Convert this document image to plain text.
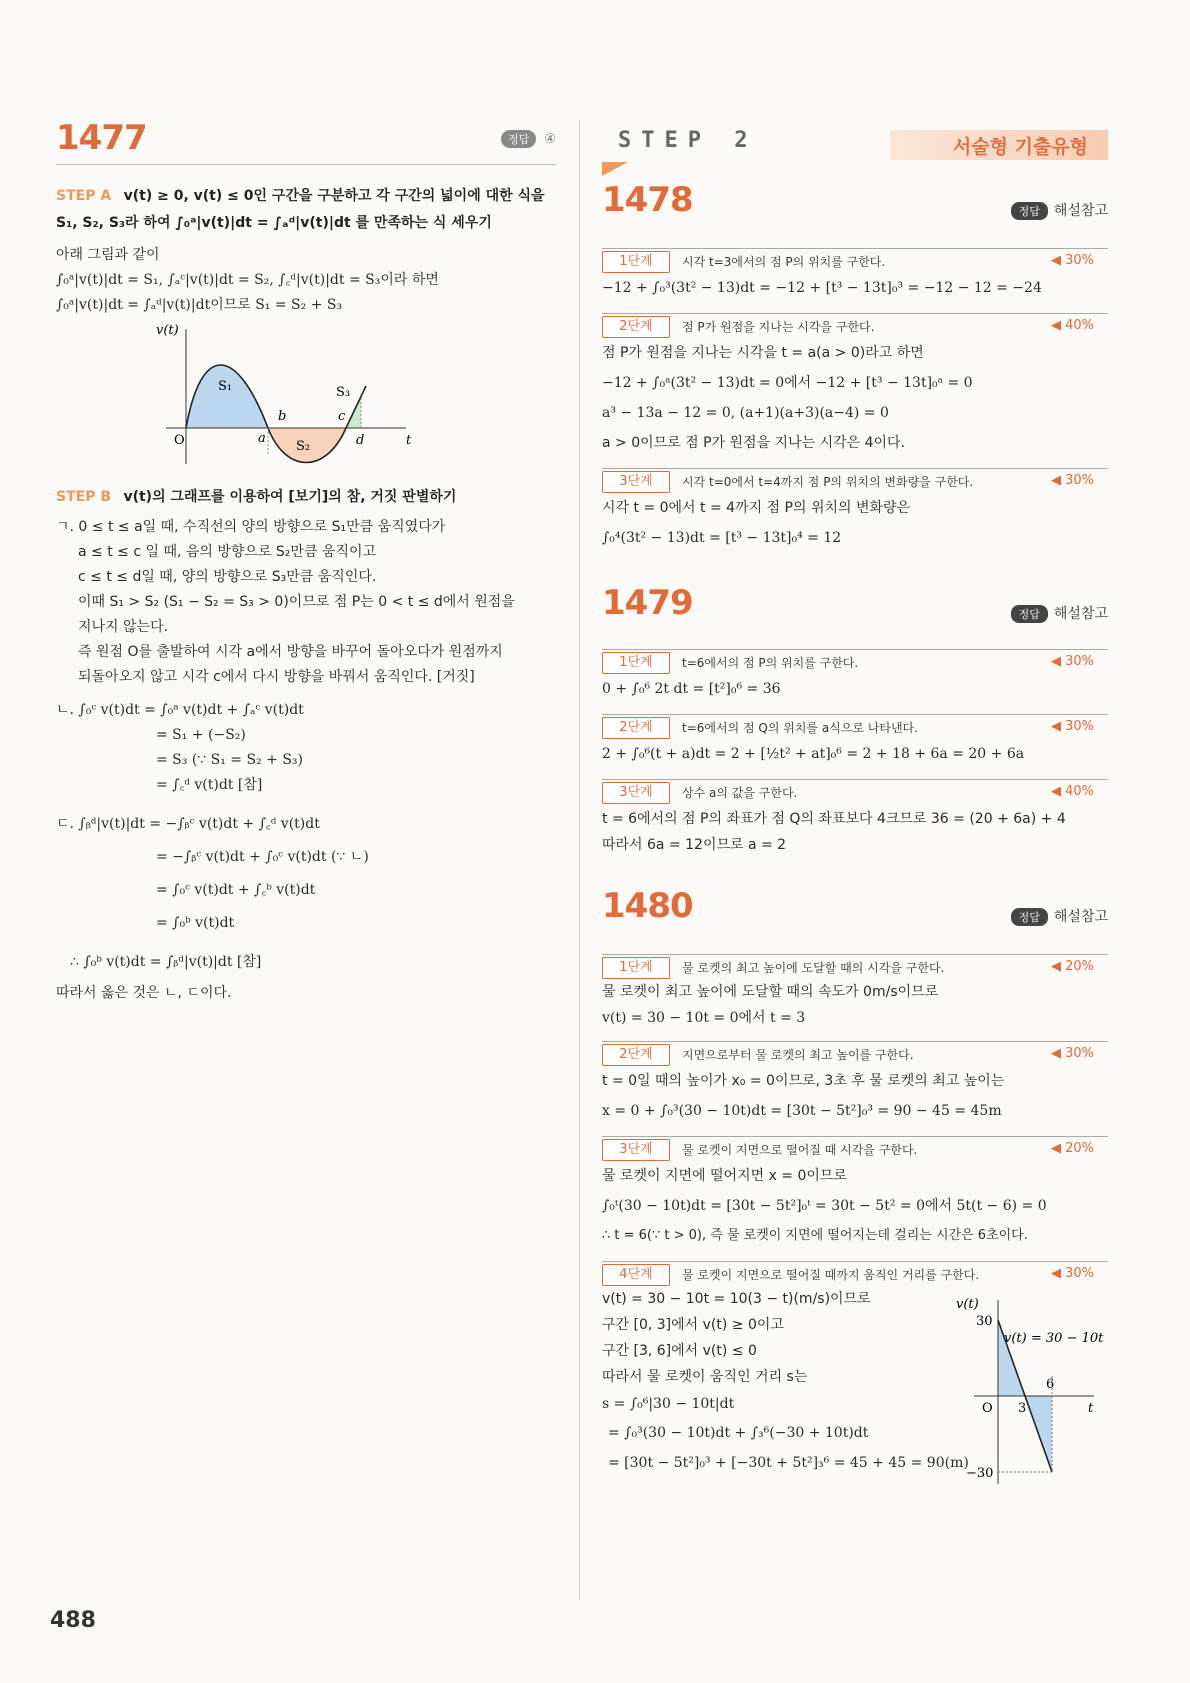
1477	정답 ④
STEP A v(t) ≥ 0, v(t) ≤ 0인 구간을 구분하고 각 구간의 넓이에 대한 식을 S₁, S₂, S₃라 하여 ∫₀ᵃ|v(t)|dt = ∫ₐᵈ|v(t)|dt 를 만족하는 식 세우기
아래 그림과 같이
∫₀ᵃ|v(t)|dt = S₁, ∫ₐᶜ|v(t)|dt = S₂, ∫꜀ᵈ|v(t)|dt = S₃이라 하면
∫₀ᵃ|v(t)|dt = ∫ₐᵈ|v(t)|dt이므로 S₁ = S₂ + S₃
v(t)
t
O	a
b	c
d
S₁
S₂
S₃
STEP B v(t)의 그래프를 이용하여 [보기]의 참, 거짓 판별하기
ㄱ. 0 ≤ t ≤ a일 때, 수직선의 양의 방향으로 S₁만큼 움직였다가
a ≤ t ≤ c 일 때, 음의 방향으로 S₂만큼 움직이고
c ≤ t ≤ d일 때, 양의 방향으로 S₃만큼 움직인다.
이때 S₁ > S₂ (S₁ − S₂ = S₃ > 0)이므로 점 P는 0 < t ≤ d에서 원점을
지나지 않는다.
즉 원점 O를 출발하여 시각 a에서 방향을 바꾸어 돌아오다가 원점까지
되돌아오지 않고 시각 c에서 다시 방향을 바꿔서 움직인다. [거짓]
ㄴ. ∫₀ᶜ v(t)dt = ∫₀ᵃ v(t)dt + ∫ₐᶜ v(t)dt
= S₁ + (−S₂)
= S₃ (∵ S₁ = S₂ + S₃)
= ∫꜀ᵈ v(t)dt [참]
ㄷ. ∫ᵦᵈ|v(t)|dt = −∫ᵦᶜ v(t)dt + ∫꜀ᵈ v(t)dt
= −∫ᵦᶜ v(t)dt + ∫₀ᶜ v(t)dt (∵ ㄴ)
= ∫₀ᶜ v(t)dt + ∫꜀ᵇ v(t)dt
= ∫₀ᵇ v(t)dt
∴ ∫₀ᵇ v(t)dt = ∫ᵦᵈ|v(t)|dt [참]
따라서 옳은 것은 ㄴ, ㄷ이다.
STEP 2	서술형 기출유형
1478	정답 해설참고
1단계	시각 t=3에서의 점 P의 위치를 구한다.	◀ 30%
−12 + ∫₀³(3t² − 13)dt = −12 + [t³ − 13t]₀³ = −12 − 12 = −24
2단계	점 P가 원점을 지나는 시각을 구한다.	◀ 40%
점 P가 원점을 지나는 시각을 t = a(a > 0)라고 하면
−12 + ∫₀ᵃ(3t² − 13)dt = 0에서 −12 + [t³ − 13t]₀ᵃ = 0
a³ − 13a − 12 = 0, (a+1)(a+3)(a−4) = 0
a > 0이므로 점 P가 원점을 지나는 시각은 4이다.
3단계	시각 t=0에서 t=4까지 점 P의 위치의 변화량을 구한다.	◀ 30%
시각 t = 0에서 t = 4까지 점 P의 위치의 변화량은
∫₀⁴(3t² − 13)dt = [t³ − 13t]₀⁴ = 12
1479	정답 해설참고
1단계	t=6에서의 점 P의 위치를 구한다.	◀ 30%
0 + ∫₀⁶ 2t dt = [t²]₀⁶ = 36
2단계	t=6에서의 점 Q의 위치를 a식으로 나타낸다.	◀ 30%
2 + ∫₀⁶(t + a)dt = 2 + [½t² + at]₀⁶ = 2 + 18 + 6a = 20 + 6a
3단계	상수 a의 값을 구한다.	◀ 40%
t = 6에서의 점 P의 좌표가 점 Q의 좌표보다 4크므로 36 = (20 + 6a) + 4
따라서 6a = 12이므로 a = 2
1480	정답 해설참고
1단계	물 로켓의 최고 높이에 도달할 때의 시각을 구한다.	◀ 20%
물 로켓이 최고 높이에 도달할 때의 속도가 0m/s이므로
v(t) = 30 − 10t = 0에서 t = 3
2단계	지면으로부터 물 로켓의 최고 높이를 구한다.	◀ 30%
t = 0일 때의 높이가 x₀ = 0이므로, 3초 후 물 로켓의 최고 높이는
x = 0 + ∫₀³(30 − 10t)dt = [30t − 5t²]₀³ = 90 − 45 = 45m
3단계	물 로켓이 지면으로 떨어질 때 시각을 구한다.	◀ 20%
물 로켓이 지면에 떨어지면 x = 0이므로
∫₀ᵗ(30 − 10t)dt = [30t − 5t²]₀ᵗ = 30t − 5t² = 0에서 5t(t − 6) = 0
∴ t = 6(∵ t > 0), 즉 물 로켓이 지면에 떨어지는데 걸리는 시간은 6초이다.
4단계	물 로켓이 지면으로 떨어질 때까지 움직인 거리를 구한다.	◀ 30%
v(t) = 30 − 10t = 10(3 − t)(m/s)이므로
구간 [0, 3]에서 v(t) ≥ 0이고
구간 [3, 6]에서 v(t) ≤ 0
따라서 물 로켓이 움직인 거리 s는
s = ∫₀⁶|30 − 10t|dt
= ∫₀³(30 − 10t)dt + ∫₃⁶(−30 + 10t)dt
= [30t − 5t²]₀³ + [−30t + 5t²]₃⁶ = 45 + 45 = 90(m)
v(t)
t
O
30
−30
3
6
v(t) = 30 − 10t
488
